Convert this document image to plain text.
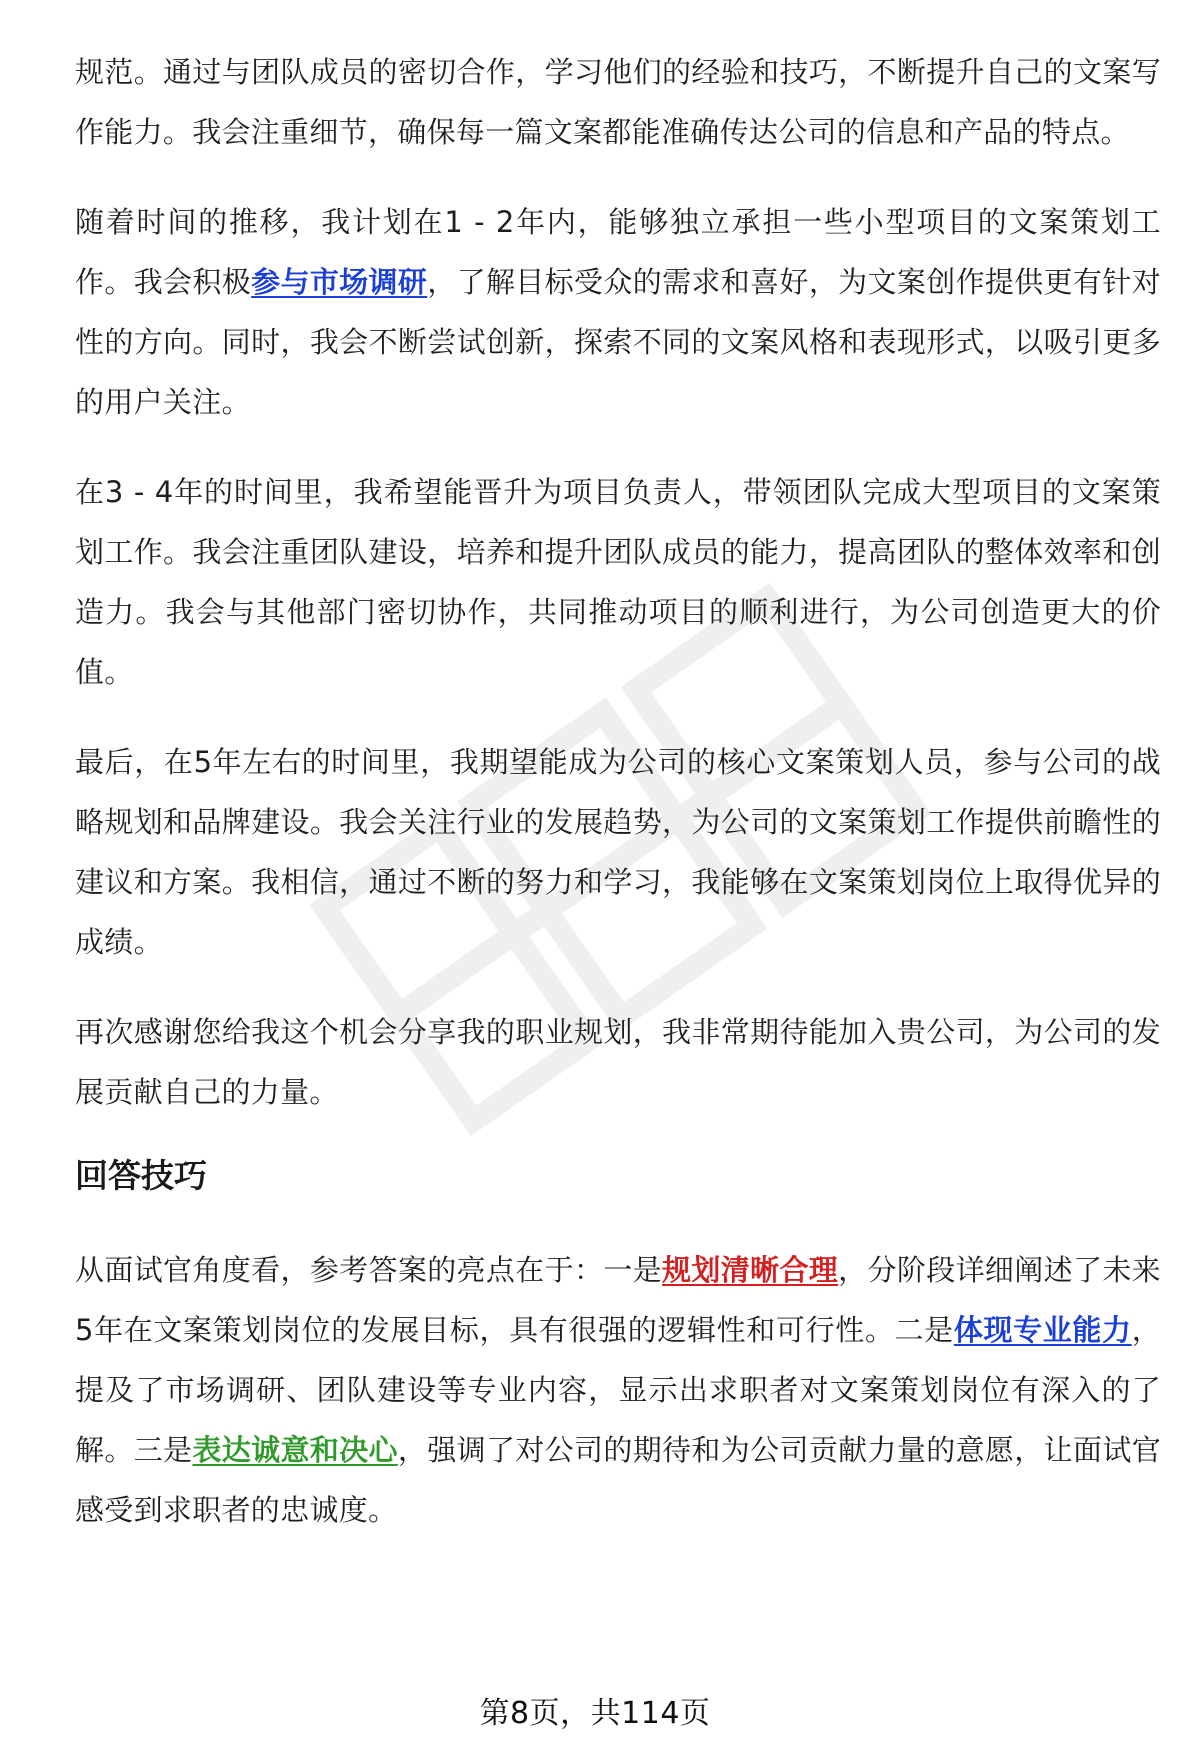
规范。通过与团队成员的密切合作，学习他们的经验和技巧，不断提升自己的文案写作能力。我会注重细节，确保每一篇文案都能准确传达公司的信息和产品的特点。

随着时间的推移，我计划在1 - 2年内，能够独立承担一些小型项目的文案策划工作。我会积极参与市场调研，了解目标受众的需求和喜好，为文案创作提供更有针对性的方向。同时，我会不断尝试创新，探索不同的文案风格和表现形式，以吸引更多的用户关注。

在3 - 4年的时间里，我希望能晋升为项目负责人，带领团队完成大型项目的文案策划工作。我会注重团队建设，培养和提升团队成员的能力，提高团队的整体效率和创造力。我会与其他部门密切协作，共同推动项目的顺利进行，为公司创造更大的价值。

最后，在5年左右的时间里，我期望能成为公司的核心文案策划人员，参与公司的战略规划和品牌建设。我会关注行业的发展趋势，为公司的文案策划工作提供前瞻性的建议和方案。我相信，通过不断的努力和学习，我能够在文案策划岗位上取得优异的成绩。

再次感谢您给我这个机会分享我的职业规划，我非常期待能加入贵公司，为公司的发展贡献自己的力量。

回答技巧

从面试官角度看，参考答案的亮点在于：一是规划清晰合理，分阶段详细阐述了未来5年在文案策划岗位的发展目标，具有很强的逻辑性和可行性。二是体现专业能力，提及了市场调研、团队建设等专业内容，显示出求职者对文案策划岗位有深入的了解。三是表达诚意和决心，强调了对公司的期待和为公司贡献力量的意愿，让面试官感受到求职者的忠诚度。

第8页，共114页
